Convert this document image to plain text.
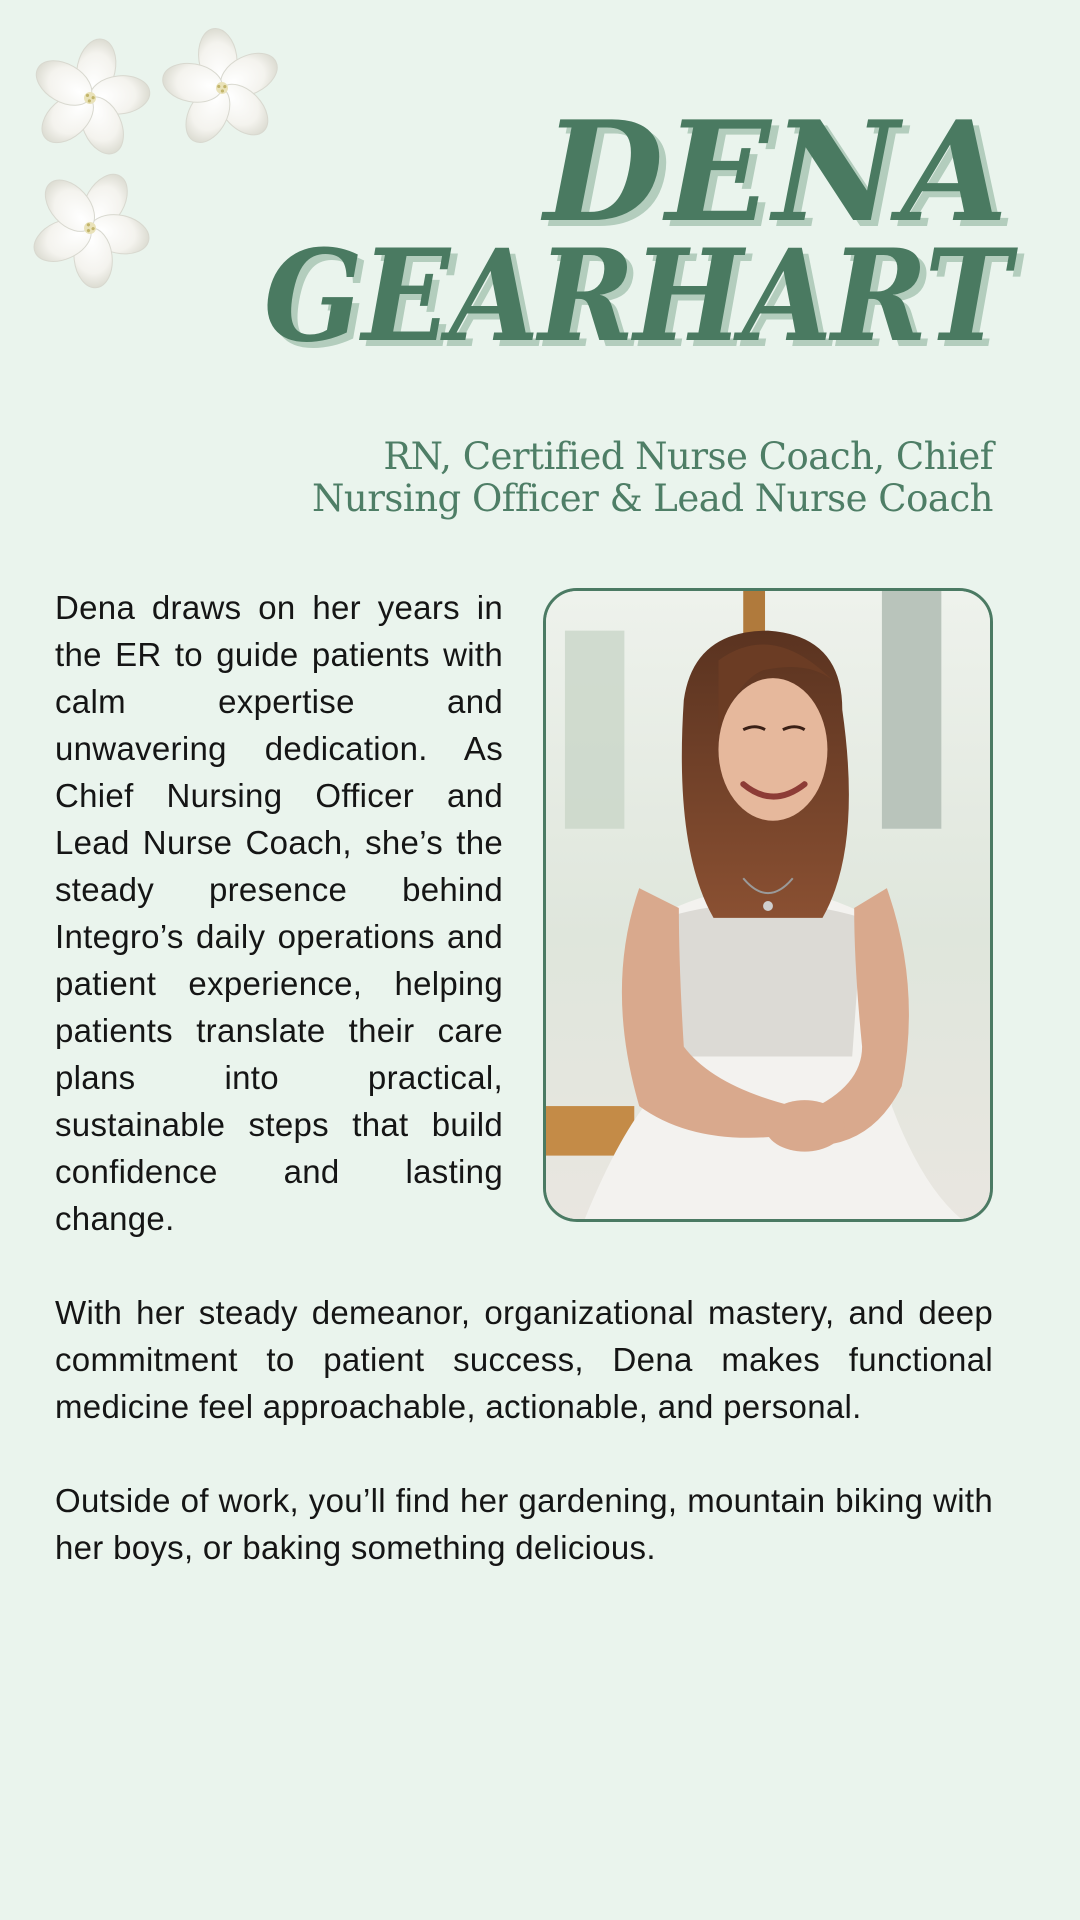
DENA
GEARHART
RN, Certified Nurse Coach, Chief Nursing Officer & Lead Nurse Coach

Dena draws on her years in the ER to guide patients with calm expertise and unwavering dedication. As Chief Nursing Officer and Lead Nurse Coach, she’s the steady presence behind Integro’s daily operations and patient experience, helping patients translate their care plans into practical, sustainable steps that build confidence and lasting change.

With her steady demeanor, organizational mastery, and deep commitment to patient success, Dena makes functional medicine feel approachable, actionable, and personal.

Outside of work, you’ll find her gardening, mountain biking with her boys, or baking something delicious.
